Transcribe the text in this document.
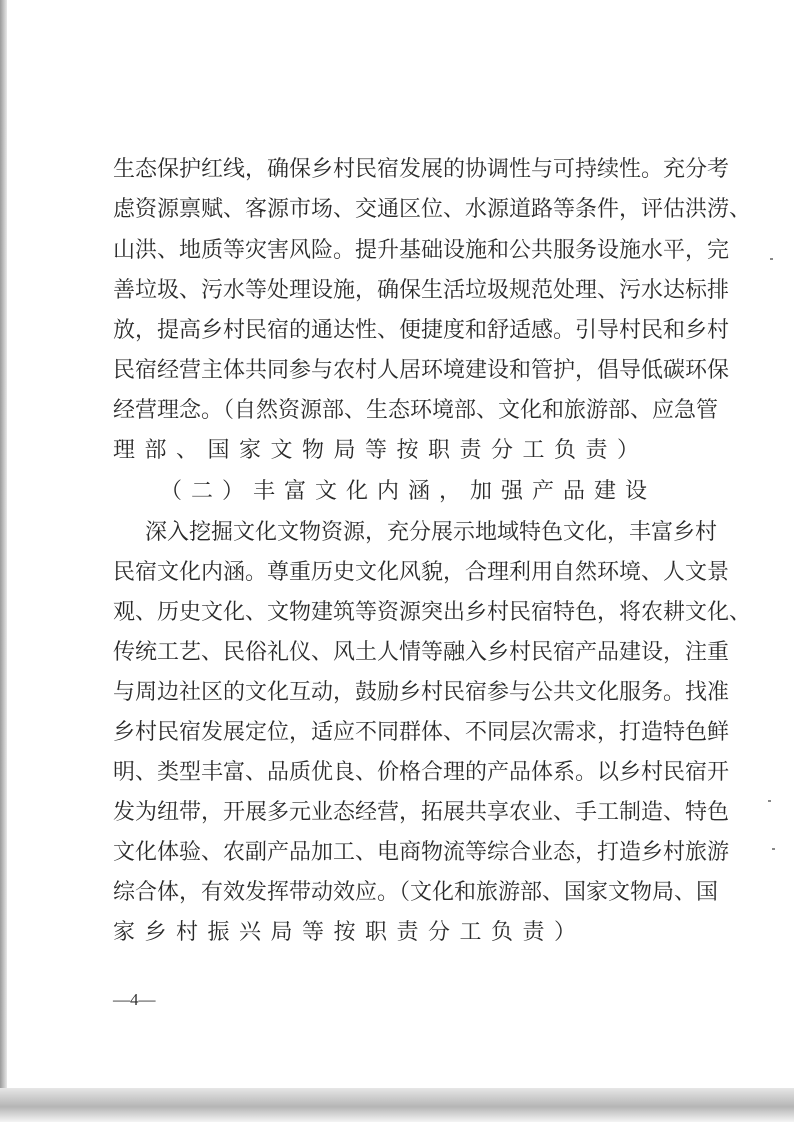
生态保护红线，确保乡村民宿发展的协调性与可持续性。充分考
虑资源禀赋、客源市场、交通区位、水源道路等条件，评估洪涝、
山洪、地质等灾害风险。提升基础设施和公共服务设施水平，完
善垃圾、污水等处理设施，确保生活垃圾规范处理、污水达标排
放，提高乡村民宿的通达性、便捷度和舒适感。引导村民和乡村
民宿经营主体共同参与农村人居环境建设和管护，倡导低碳环保
经营理念。（自然资源部、生态环境部、文化和旅游部、应急管
理部、国家文物局等按职责分工负责）
（二）丰富文化内涵，加强产品建设
深入挖掘文化文物资源，充分展示地域特色文化，丰富乡村
民宿文化内涵。尊重历史文化风貌，合理利用自然环境、人文景
观、历史文化、文物建筑等资源突出乡村民宿特色，将农耕文化、
传统工艺、民俗礼仪、风土人情等融入乡村民宿产品建设，注重
与周边社区的文化互动，鼓励乡村民宿参与公共文化服务。找准
乡村民宿发展定位，适应不同群体、不同层次需求，打造特色鲜
明、类型丰富、品质优良、价格合理的产品体系。以乡村民宿开
发为纽带，开展多元业态经营，拓展共享农业、手工制造、特色
文化体验、农副产品加工、电商物流等综合业态，打造乡村旅游
综合体，有效发挥带动效应。（文化和旅游部、国家文物局、国
家乡村振兴局等按职责分工负责）
—4—
